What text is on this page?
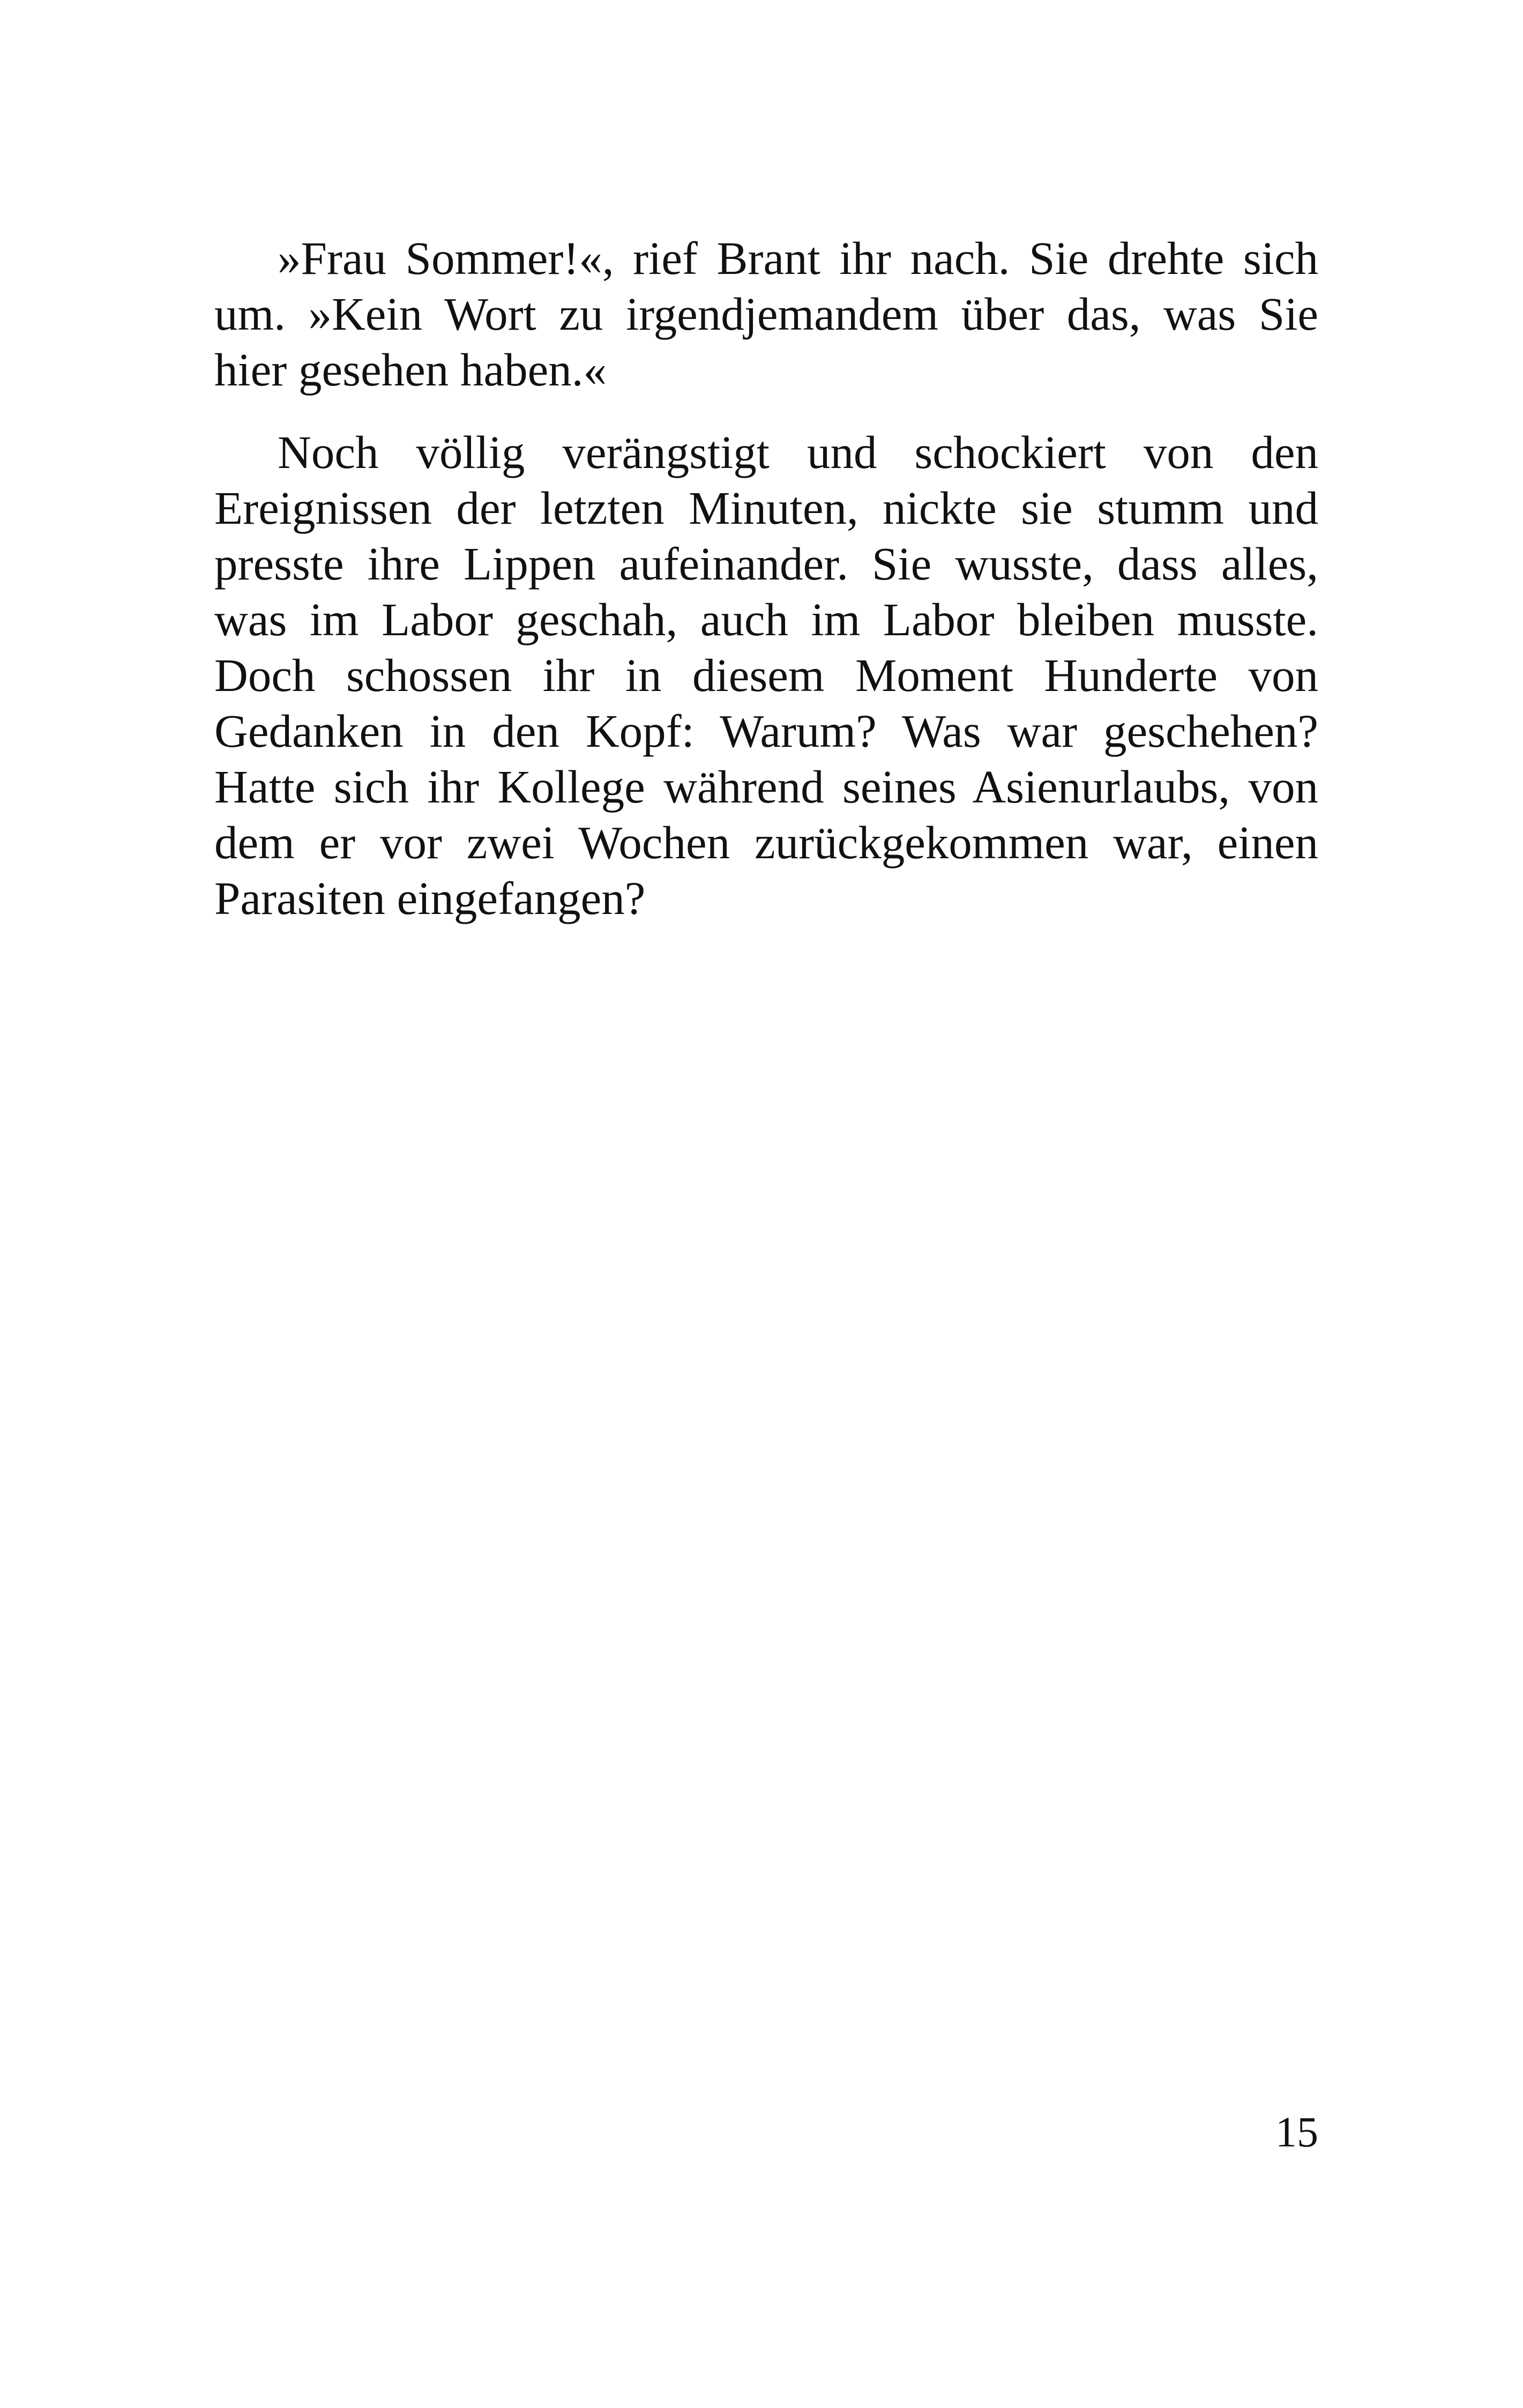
»Frau Sommer!«, rief Brant ihr nach. Sie drehte sich
um. »Kein Wort zu irgendjemandem über das, was Sie
hier gesehen haben.«

Noch völlig verängstigt und schockiert von den
Ereignissen der letzten Minuten, nickte sie stumm und
presste ihre Lippen aufeinander. Sie wusste, dass alles,
was im Labor geschah, auch im Labor bleiben musste.
Doch schossen ihr in diesem Moment Hunderte von
Gedanken in den Kopf: Warum? Was war geschehen?
Hatte sich ihr Kollege während seines Asienurlaubs, von
dem er vor zwei Wochen zurückgekommen war, einen
Parasiten eingefangen?

15
